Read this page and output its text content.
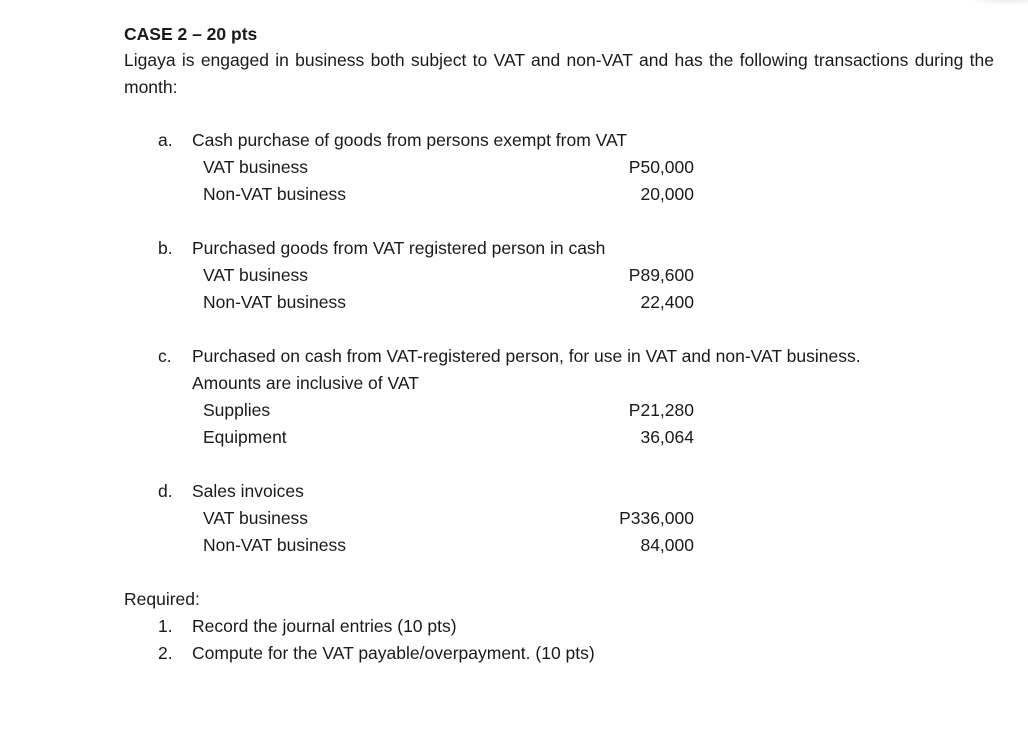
CASE 2 – 20 pts
Ligaya is engaged in business both subject to VAT and non-VAT and has the following transactions during the month:
a. Cash purchase of goods from persons exempt from VAT
VAT business	P50,000
Non-VAT business	20,000
b. Purchased goods from VAT registered person in cash
VAT business	P89,600
Non-VAT business	22,400
c. Purchased on cash from VAT-registered person, for use in VAT and non-VAT business.
Amounts are inclusive of VAT
Supplies	P21,280
Equipment	36,064
d. Sales invoices
VAT business	P336,000
Non-VAT business	84,000
Required:
1. Record the journal entries (10 pts)
2. Compute for the VAT payable/overpayment. (10 pts)
